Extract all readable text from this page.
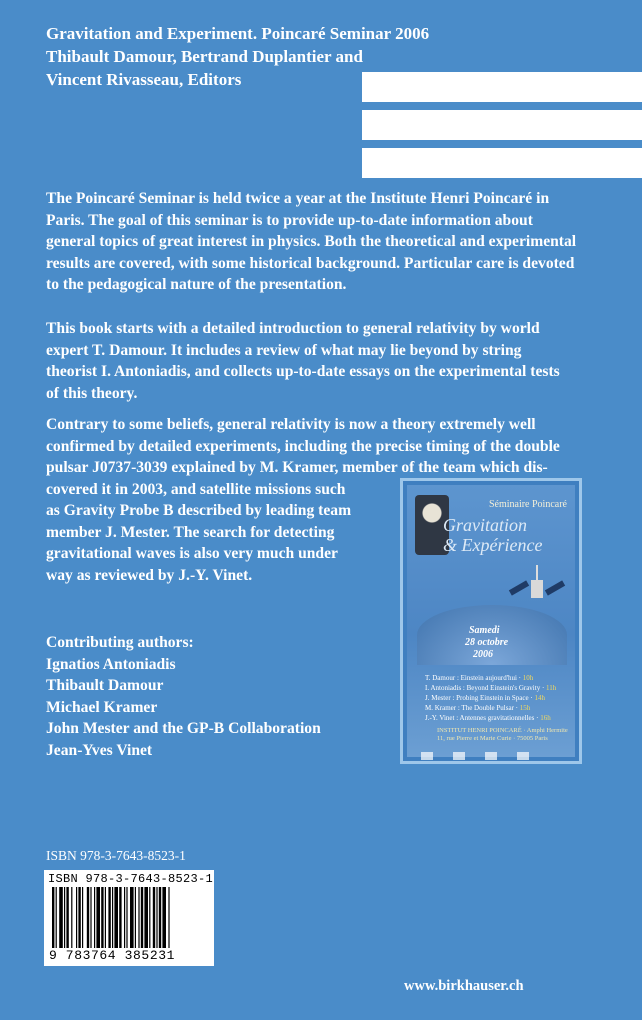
Gravitation and Experiment. Poincaré Seminar 2006
Thibault Damour, Bertrand Duplantier and
Vincent Rivasseau, Editors

The Poincaré Seminar is held twice a year at the Institute Henri Poincaré in

Paris. The goal of this seminar is to provide up-to-date information about

general topics of great interest in physics. Both the theoretical and experimental

results are covered, with some historical background. Particular care is devoted

to the pedagogical nature of the presentation.

This book starts with a detailed introduction to general relativity by world

expert T. Damour. It includes a review of what may lie beyond by string

theorist I. Antoniadis, and collects up-to-date essays on the experimental tests

of this theory.

Contrary to some beliefs, general relativity is now a theory extremely well

confirmed by detailed experiments, including the precise timing of the double

pulsar J0737-3039 explained by M. Kramer, member of the team which dis-

covered it in 2003, and satellite missions such

as Gravity Probe B described by leading team

member J. Mester. The search for detecting

gravitational waves is also very much under

way as reviewed by J.-Y. Vinet.

Séminaire Poincaré
Gravitation
& Expérience
Samedi
28 octobre
2006
T. Damour : Einstein aujourd'hui · 10h
I. Antoniadis : Beyond Einstein's Gravity · 11h
J. Mester : Probing Einstein in Space · 14h
M. Kramer : The Double Pulsar · 15h
J.-Y. Vinet : Antennes gravitationnelles · 16h
INSTITUT HENRI POINCARÉ · Amphi Hermite
11, rue Pierre et Marie Curie · 75005 Paris
Contributing authors:
Ignatios Antoniadis
Thibault Damour
Michael Kramer
John Mester and the GP-B Collaboration
Jean-Yves Vinet
ISBN 978-3-7643-8523-1
ISBN 978-3-7643-8523-1
9 783764 385231
www.birkhauser.ch
